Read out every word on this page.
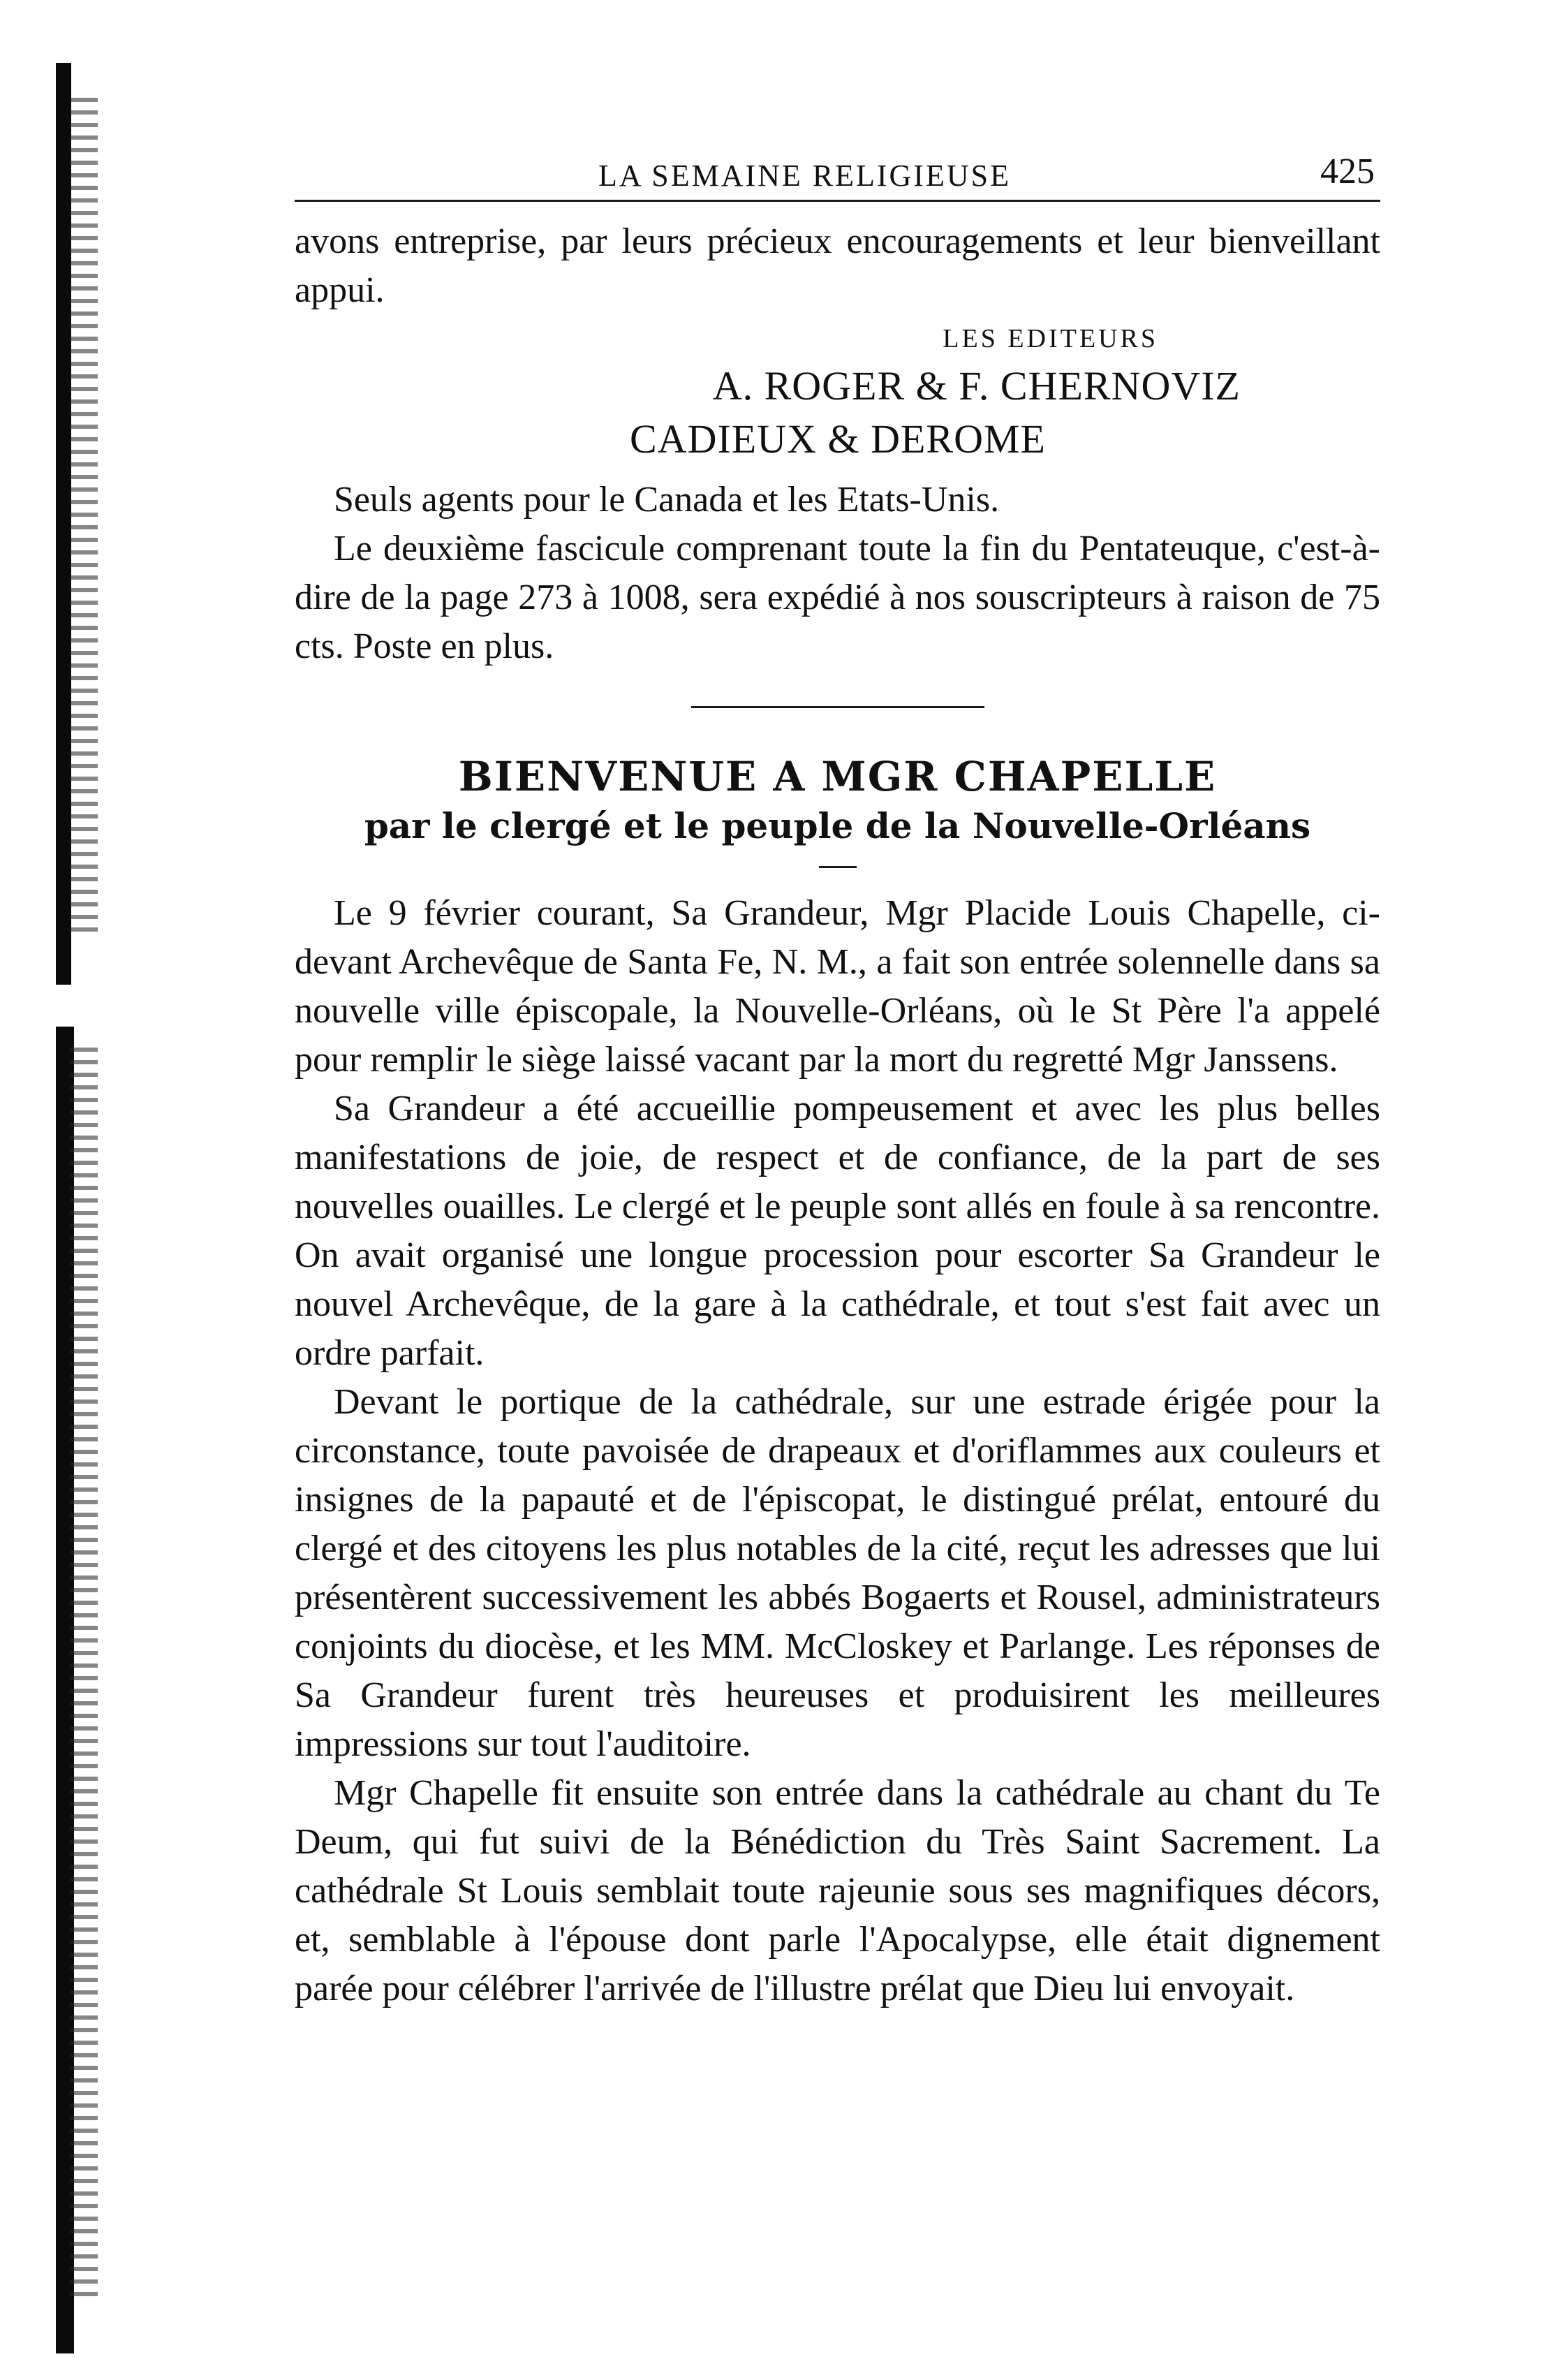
LA SEMAINE RELIGIEUSE	425

avons entreprise, par leurs précieux encouragements et leur bienveillant appui.

LES EDITEURS
A. ROGER & F. CHERNOVIZ
CADIEUX & DEROME

Seuls agents pour le Canada et les Etats-Unis.

Le deuxième fascicule comprenant toute la fin du Pentateuque, c'est-à-dire de la page 273 à 1008, sera expédié à nos souscripteurs à raison de 75 cts. Poste en plus.

BIENVENUE A MGR CHAPELLE
par le clergé et le peuple de la Nouvelle-Orléans

Le 9 février courant, Sa Grandeur, Mgr Placide Louis Chapelle, ci-devant Archevêque de Santa Fe, N. M., a fait son entrée solennelle dans sa nouvelle ville épiscopale, la Nouvelle-Orléans, où le St Père l'a appelé pour remplir le siège laissé vacant par la mort du regretté Mgr Janssens.

Sa Grandeur a été accueillie pompeusement et avec les plus belles manifestations de joie, de respect et de confiance, de la part de ses nouvelles ouailles. Le clergé et le peuple sont allés en foule à sa rencontre. On avait organisé une longue procession pour escorter Sa Grandeur le nouvel Archevêque, de la gare à la cathédrale, et tout s'est fait avec un ordre parfait.

Devant le portique de la cathédrale, sur une estrade érigée pour la circonstance, toute pavoisée de drapeaux et d'oriflammes aux couleurs et insignes de la papauté et de l'épiscopat, le distingué prélat, entouré du clergé et des citoyens les plus notables de la cité, reçut les adresses que lui présentèrent successivement les abbés Bogaerts et Rousel, administrateurs conjoints du diocèse, et les MM. McCloskey et Parlange. Les réponses de Sa Grandeur furent très heureuses et produisirent les meilleures impressions sur tout l'auditoire.

Mgr Chapelle fit ensuite son entrée dans la cathédrale au chant du Te Deum, qui fut suivi de la Bénédiction du Très Saint Sacrement. La cathédrale St Louis semblait toute rajeunie sous ses magnifiques décors, et, semblable à l'épouse dont parle l'Apocalypse, elle était dignement parée pour célébrer l'arrivée de l'illustre prélat que Dieu lui envoyait.
